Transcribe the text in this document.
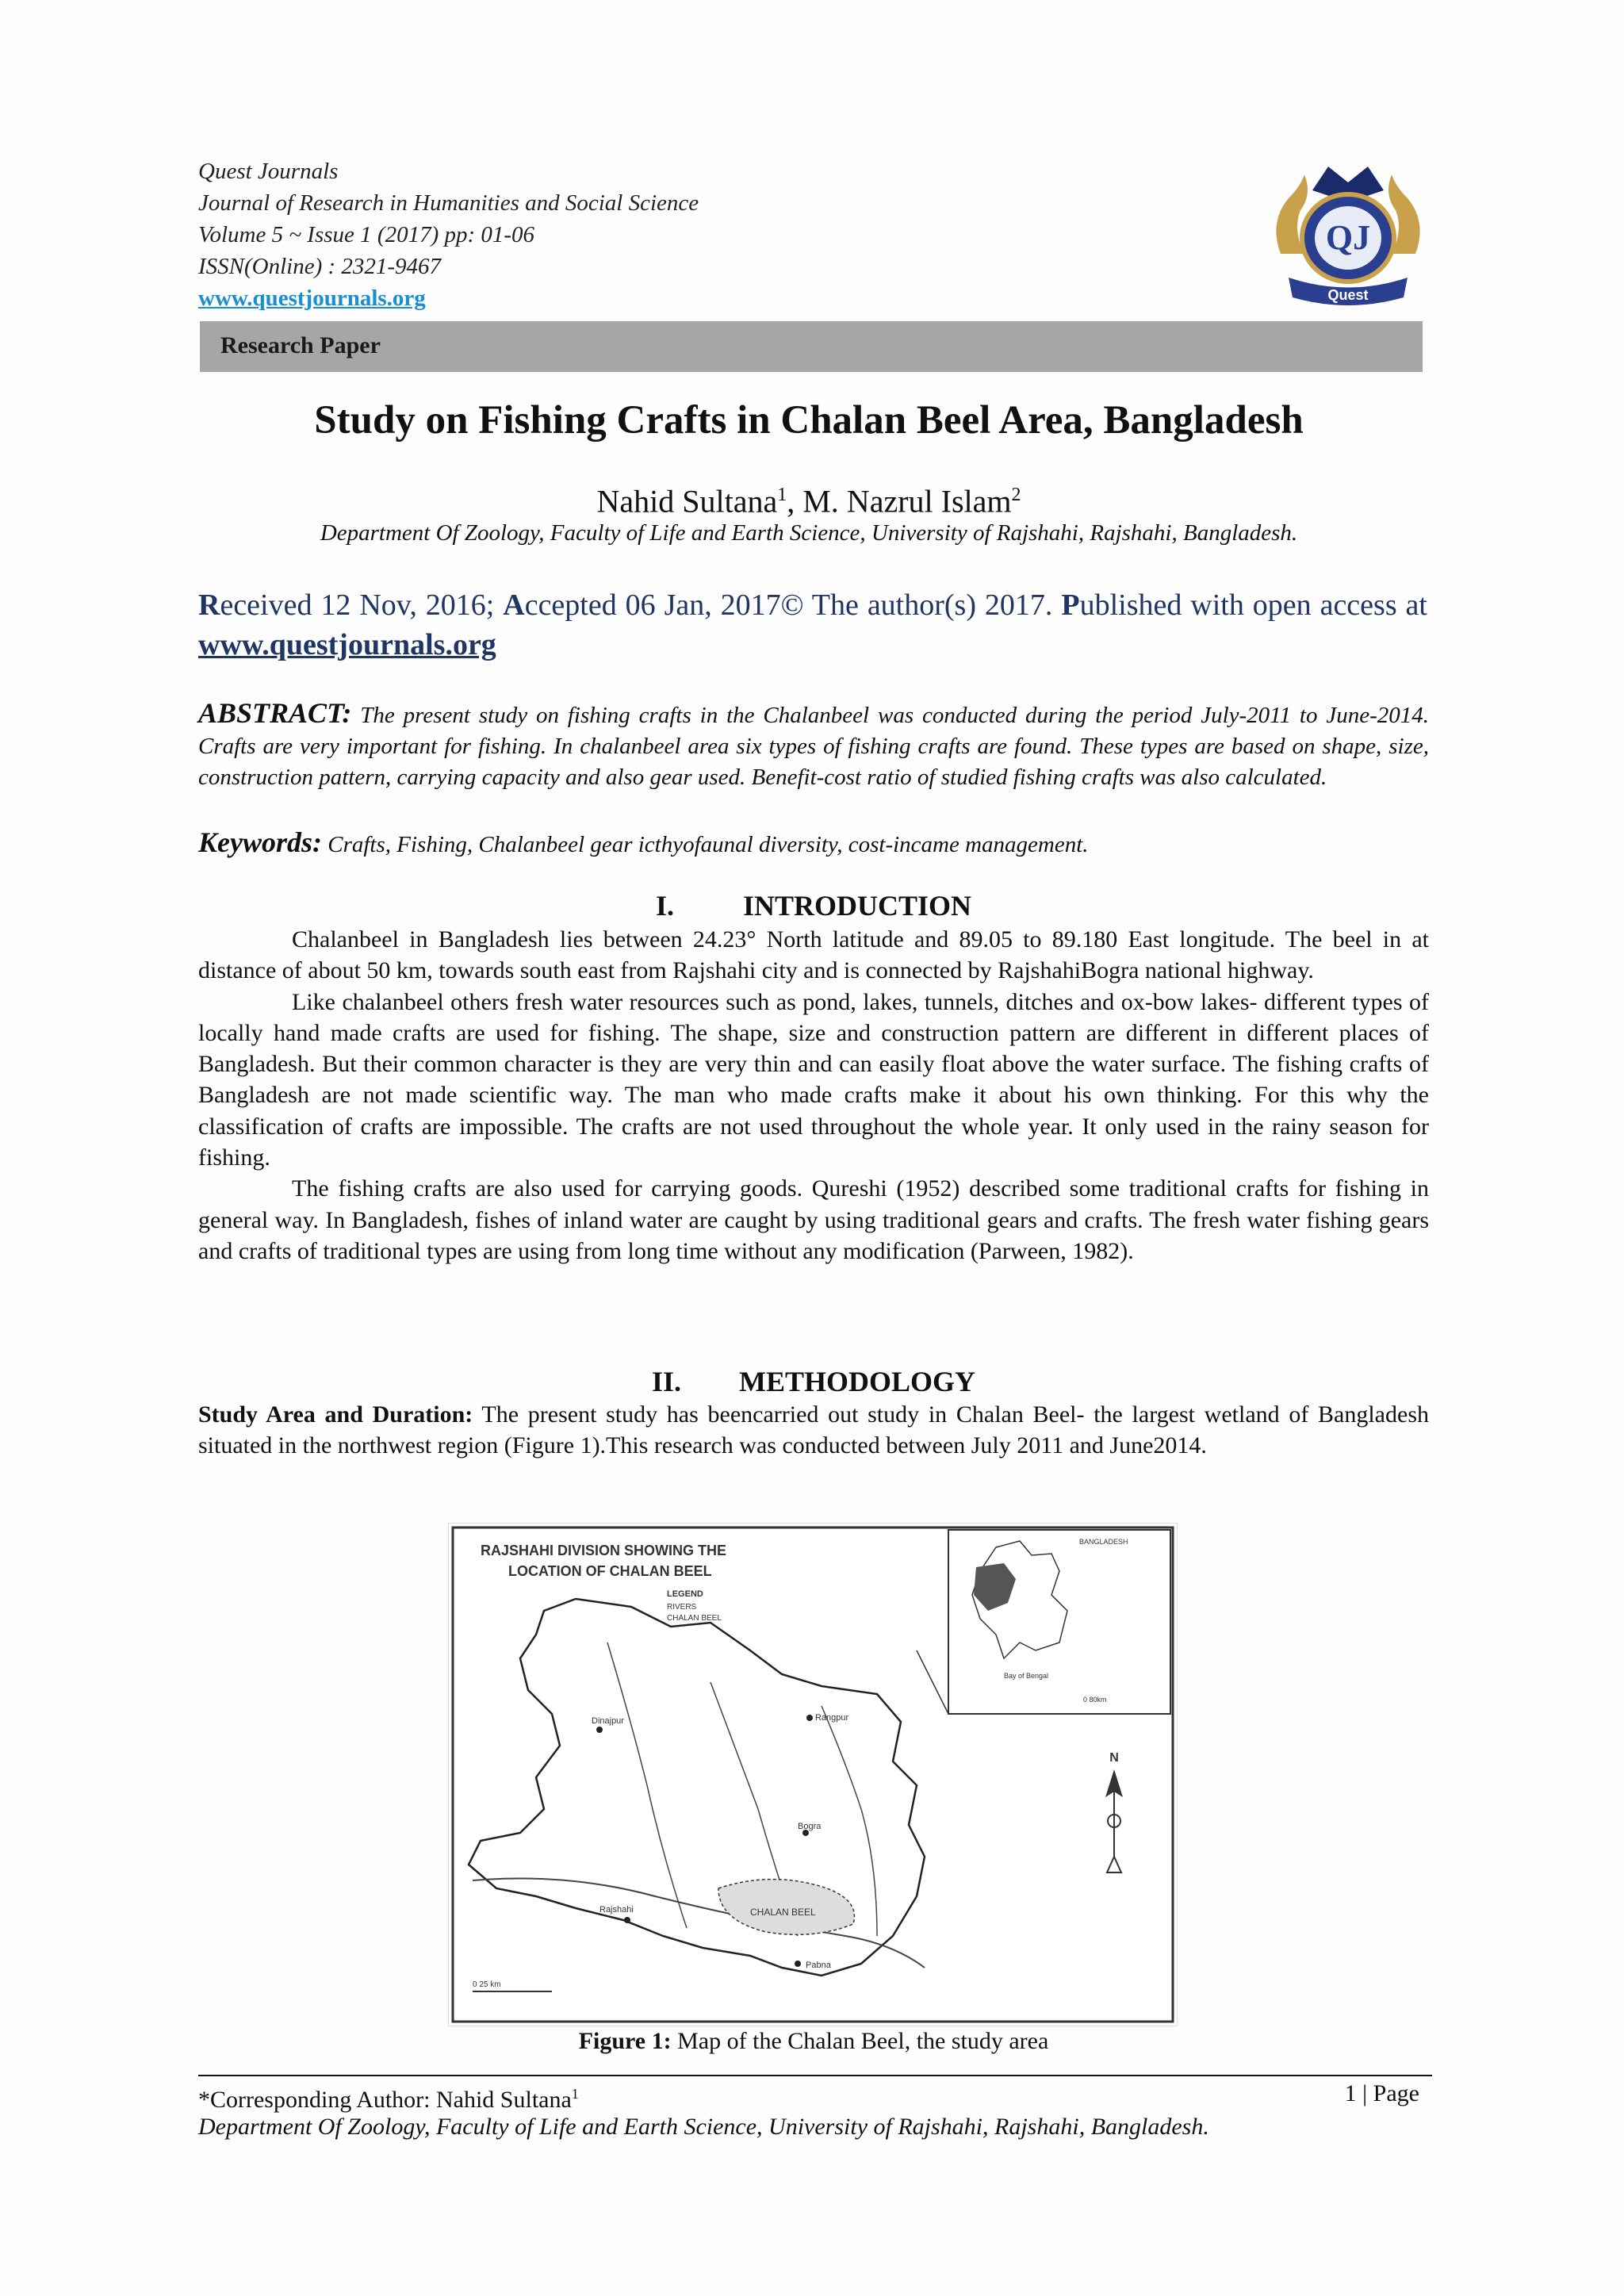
Quest Journals
Journal of Research in Humanities and Social Science
Volume 5 ~ Issue 1 (2017) pp: 01-06
ISSN(Online) : 2321-9467
www.questjournals.org
QJ
Quest
Research Paper
Study on Fishing Crafts in Chalan Beel Area, Bangladesh
Nahid Sultana$^1$, M. Nazrul Islam$^2$
Department Of Zoology, Faculty of Life and Earth Science, University of Rajshahi, Rajshahi, Bangladesh.
Received 12 Nov, 2016; Accepted 06 Jan, 2017© The author(s) 2017. Published with open access at www.questjournals.org
ABSTRACT: The present study on fishing crafts in the Chalanbeel was conducted during the period July-2011 to June-2014. Crafts are very important for fishing. In chalanbeel area six types of fishing crafts are found. These types are based on shape, size, construction pattern, carrying capacity and also gear used. Benefit-cost ratio of studied fishing crafts was also calculated.
Keywords: Crafts, Fishing, Chalanbeel gear icthyofaunal diversity, cost-incame management.
I. INTRODUCTION

Chalanbeel in Bangladesh lies between 24.23° North latitude and 89.05 to 89.180 East longitude. The beel in at distance of about 50 km, towards south east from Rajshahi city and is connected by RajshahiBogra national highway.

Like chalanbeel others fresh water resources such as pond, lakes, tunnels, ditches and ox-bow lakes- different types of locally hand made crafts are used for fishing. The shape, size and construction pattern are different in different places of Bangladesh. But their common character is they are very thin and can easily float above the water surface. The fishing crafts of Bangladesh are not made scientific way. The man who made crafts make it about his own thinking. For this why the classification of crafts are impossible. The crafts are not used throughout the whole year. It only used in the rainy season for fishing.

The fishing crafts are also used for carrying goods. Qureshi (1952) described some traditional crafts for fishing in general way. In Bangladesh, fishes of inland water are caught by using traditional gears and crafts. The fresh water fishing gears and crafts of traditional types are using from long time without any modification (Parween, 1982).

II. METHODOLOGY
Study Area and Duration: The present study has beencarried out study in Chalan Beel- the largest wetland of Bangladesh situated in the northwest region (Figure 1).This research was conducted between July 2011 and June2014.
RAJSHAHI DIVISION SHOWING THE
LOCATION OF CHALAN BEEL
LEGEND
RIVERS
CHALAN BEEL
BANGLADESH
Bay of Bengal
0 80km
CHALAN BEEL
Dinajpur	Rangpur
Bogra
Rajshahi
Pabna
N
0 25 km
Figure 1: Map of the Chalan Beel, the study area
*Corresponding Author: Nahid Sultana$^1$	1 | Page
Department Of Zoology, Faculty of Life and Earth Science, University of Rajshahi, Rajshahi, Bangladesh.
